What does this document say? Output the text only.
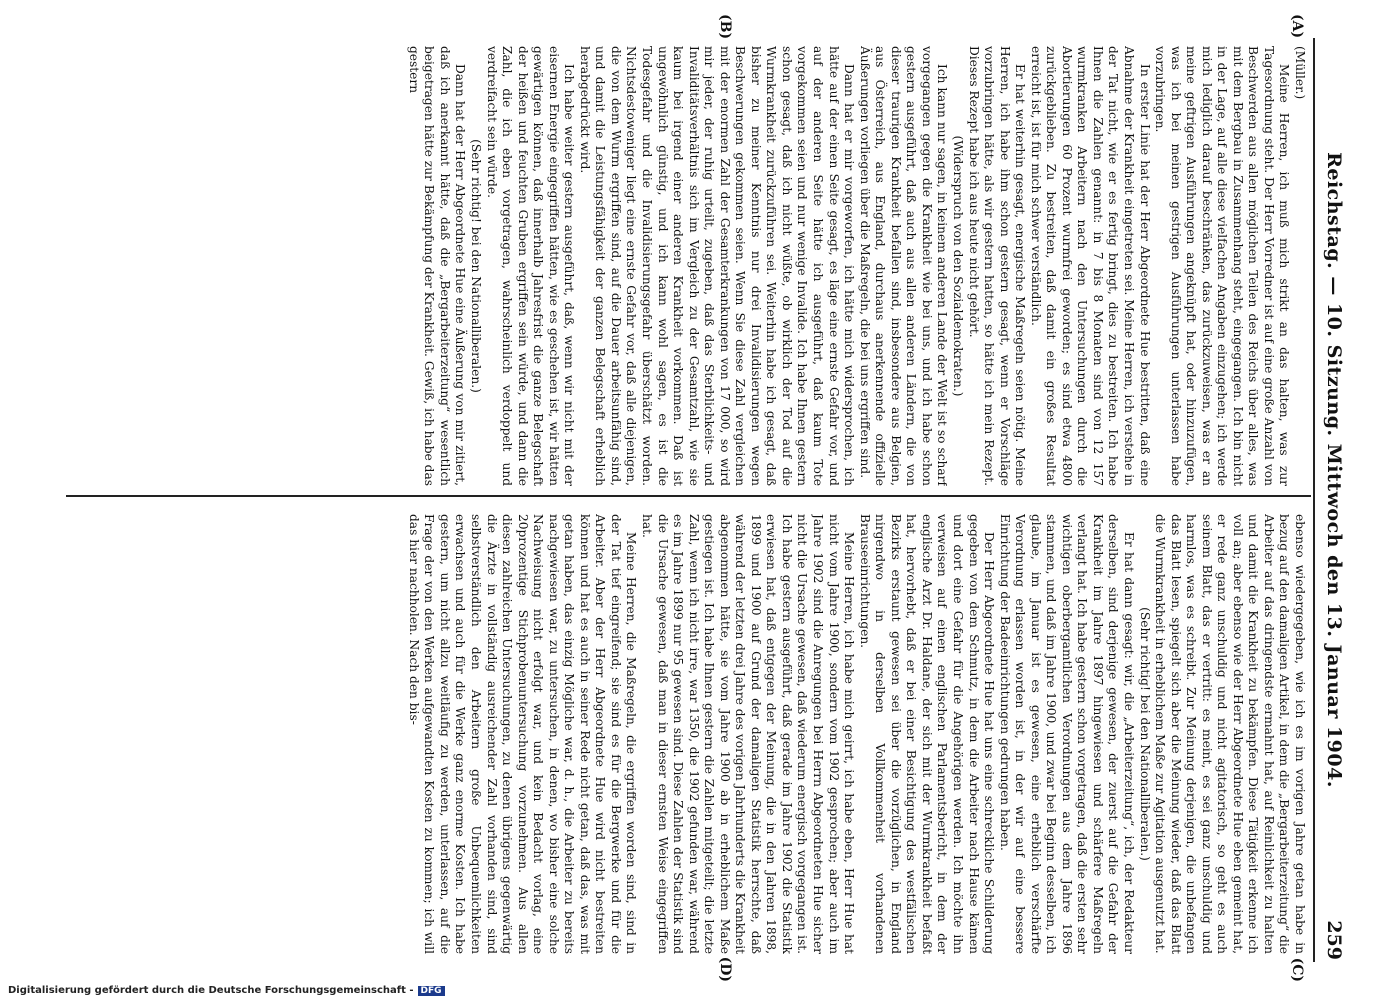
Reichstag. — 10. Sitzung. Mittwoch den 13. Januar 1904.
259
(A)
(B)
(C)
(D)

(Müller.)

Meine Herren, ich muß mich strikt an das halten, was zur Tagesordnung steht. Der Herr Vorredner ist auf eine große Anzahl von Beschwerden aus allen möglichen Teilen des Reichs über alles, was mit dem Bergbau in Zusammenhang steht, eingegangen. Ich bin nicht in der Lage, auf alle diese vielfachen Angaben einzugehen; ich werde mich lediglich darauf beschränken, das zurückzuweisen, was er an meine geftrigen Ausführungen angeknüpft hat, oder hinzuzufügen, was ich bei meinen gestrigen Ausführungen unterlassen habe vorzubringen.

In erster Linie hat der Herr Abgeordnete Hue bestritten, daß eine Abnahme der Krankheit eingetreten sei. Meine Herren, ich verstehe in der Tat nicht, wie er es fertig bringt, dies zu bestreiten. Ich habe Ihnen die Zahlen genannt: in 7 bis 8 Monaten sind von 12 157 wurmkranken Arbeitern nach den Untersuchungen durch die Abortierungen 60 Prozent wurmfrei geworden; es sind etwa 4800 zurückgeblieben. Zu bestreiten, daß damit ein großes Resultat erreicht ist, ist für mich schwer verständlich.

Er hat weiterhin gesagt, energische Maßregeln seien nötig. Meine Herren, ich habe ihm schon gestern gesagt, wenn er Vorschläge vorzubringen hätte, als wir gestern hatten, so hätte ich mein Rezept. Dieses Rezept habe ich aus heute nicht gehört.

(Widerspruch von den Sozialdemokraten.)

Ich kann nur sagen, in keinem anderen Lande der Welt ist so scharf vorgegangen gegen die Krankheit wie bei uns, und ich habe schon gestern ausgeführt, daß auch aus allen anderen Ländern, die von dieser traurigen Krankheit befallen sind, insbesondere aus Belgien, aus Österreich, aus England, durchaus anerkennende offizielle Äußerungen vorliegen über die Maßregeln, die bei uns ergriffen sind.

Dann hat er mir vorgeworfen, ich hätte mich widersprochen, ich hätte auf der einen Seite gesagt, es läge eine ernste Gefahr vor, und auf der anderen Seite hätte ich ausgeführt, daß kaum Tote vorgekommen seien und nur wenige Invalide. Ich habe Ihnen gestern schon gesagt, daß ich nicht wüßte, ob wirklich der Tod auf die Wurmkrankheit zurückzuführen sei. Weiterhin habe ich gesagt, daß bisher zu meiner Kenntnis nur drei Invalidisierungen wegen Beschwerungen gekommen seien. Wenn Sie diese Zahl vergleichen mit der enormen Zahl der Gesamterkrankungen von 17 000, so wird mir jeder, der ruhig urteilt, zugeben, daß das Sterblichkeits- und Invaliditätsverhältnis sich im Vergleich zu der Gesamtzahl, wie sie kaum bei irgend einer anderen Krankheit vorkommen. Daß ist ungewöhnlich günstig, und ich kann wohl sagen, es ist die Todesgefahr und die Invalidisierungsgefahr überschätzt worden. Nichtsdestoweniger liegt eine ernste Gefahr vor, daß alle diejenigen, die von dem Wurm ergriffen sind, auf die Dauer arbeitsunfähig sind, und damit die Leistungsfähigkeit der ganzen Belegschaft erheblich herabgedrückt wird.

Ich habe weiter gestern ausgeführt, daß, wenn wir nicht mit der eisernen Energie eingegriffen hätten, wie es geschehen ist, wir hätten gewärtigen können, daß innerhalb Jahresfrist die ganze Belegschaft der heißen und feuchten Gruben ergriffen sein würde, und dann die Zahl, die ich eben vorgetragen, wahrscheinlich verdoppelt und verdreifacht sein würde.

(Sehr richtig! bei den Nationalliberalen.)

Dann hat der Herr Abgeordnete Hue eine Äußerung von mir zitiert, daß ich anerkannt hätte, daß die „Bergarbeiterzeitung“ wesentlich beigetragen hätte zur Bekämpfung der Krankheit. Gewiß, ich habe das gestern

ebenso wiedergegeben, wie ich es im vorigen Jahre getan habe in bezug auf den damaligen Artikel, in dem die „Bergarbeiterzeitung“ die Arbeiter auf das dringendste ermahnt hat, auf Reinlichkeit zu halten und damit die Krankheit zu bekämpfen. Diese Tätigkeit erkenne ich voll an; aber ebenso wie der Herr Abgeordnete Hue eben gemeint hat, er rede ganz unschuldig und nicht agitatorisch, so geht es auch seinem Blatt, das er vertritt: es meint, es sei ganz unschuldig und harmlos, was es schreibt. Zur Meinung derjenigen, die unbefangen das Blatt lesen, spiegelt sich aber die Meinung wieder, daß das Blatt die Wurmkrankheit in erheblichem Maße zur Agitation ausgenutzt hat.

(Sehr richtig! bei den Nationalliberalen.)

Er hat dann gesagt: wir, die „Arbeiterzeitung“, ich, der Redakteur derselben, sind derjenige gewesen, der zuerst auf die Gefahr der Krankheit im Jahre 1897 hingewiesen und schärfere Maßregeln verlangt hat. Ich habe gestern schon vorgetragen, daß die ersten sehr wichtigen oberbergamtlichen Verordnungen aus dem Jahre 1896 stammen, und daß im Jahre 1900, und zwar bei Beginn desselben, ich glaube, im Januar ist es gewesen, eine erheblich verschärfte Verordnung erlassen worden ist, in der wir auf eine bessere Einrichtung der Badeeinrichtungen gedrungen haben.

Der Herr Abgeordnete Hue hat uns eine schreckliche Schilderung gegeben von dem Schmutz, in dem die Arbeiter nach Hause kämen und dort eine Gefahr für die Angehörigen werden. Ich möchte ihn verweisen auf einen englischen Parlamentsbericht, in dem der englische Arzt Dr. Haldane, der sich mit der Wurmkrankheit befaßt hat, hervorhebt, daß er bei einer Besichtigung des westfälischen Bezirks erstaunt gewesen sei über die vorzüglichen, in England nirgendwo in derselben Vollkommenheit vorhandenen Brauseeinrichtungen.

Meine Herren, ich habe mich geirrt, ich habe eben, Herr Hue hat nicht vom Jahre 1900, sondern vom 1902 gesprochen; aber auch im Jahre 1902 sind die Anregungen bei Herrn Abgeordneten Hue sicher nicht die Ursache gewesen, daß wiederum energisch vorgegangen ist. Ich habe gestern ausgeführt, daß gerade im Jahre 1902 die Statistik erwiesen hat, daß entgegen der Meinung, die in den Jahren 1898, 1899 und 1900 auf Grund der damaligen Statistik herrschte, daß während der letzten drei Jahre des vorigen Jahrhunderts die Krankheit abgenommen hätte, sie vom Jahre 1900 ab in erheblichem Maße gestiegen ist. Ich habe Ihnen gestern die Zahlen mitgeteilt; die letzte Zahl, wenn ich nicht irre, war 1350, die 1902 gefunden war, während es im Jahre 1899 nur 95 gewesen sind. Diese Zahlen der Statistik sind die Ursache gewesen, daß man in dieser ernsten Weise eingegriffen hat.

Meine Herren, die Maßregeln, die ergriffen worden sind, sind in der Tat tief eingreifend; sie sind es für die Bergwerke und für die Arbeiter. Aber der Herr Abgeordnete Hue wird nicht bestreiten können und hat es auch in seiner Rede nicht getan, daß das, was mit getan haben, das einzig Mögliche war, d. h., die Arbeiter zu bereits nachgewiesen war, zu untersuchen, in denen, wo bisher eine solche Nachweisung nicht erfolgt war, und kein Bedacht vorlag, eine 20prozentige Stichprobenuntersuchung vorzunehmen. Aus allen diesen zahlreichen Untersuchungen, zu denen übrigens gegenwärtig die Ärzte in vollständig ausreichender Zahl vorhanden sind, sind selbstverständlich den Arbeitern große Unbequemlichkeiten erwachsen und auch für die Werke ganz enorme Kosten. Ich habe gestern, um nicht allzu weitläufig zu werden, unterlassen, auf die Frage der von den Werken aufgewandten Kosten zu kommen; ich will das hier nachholen. Nach den bis-

Digitalisierung gefördert durch die Deutsche Forschungsgemeinschaft - DFG
